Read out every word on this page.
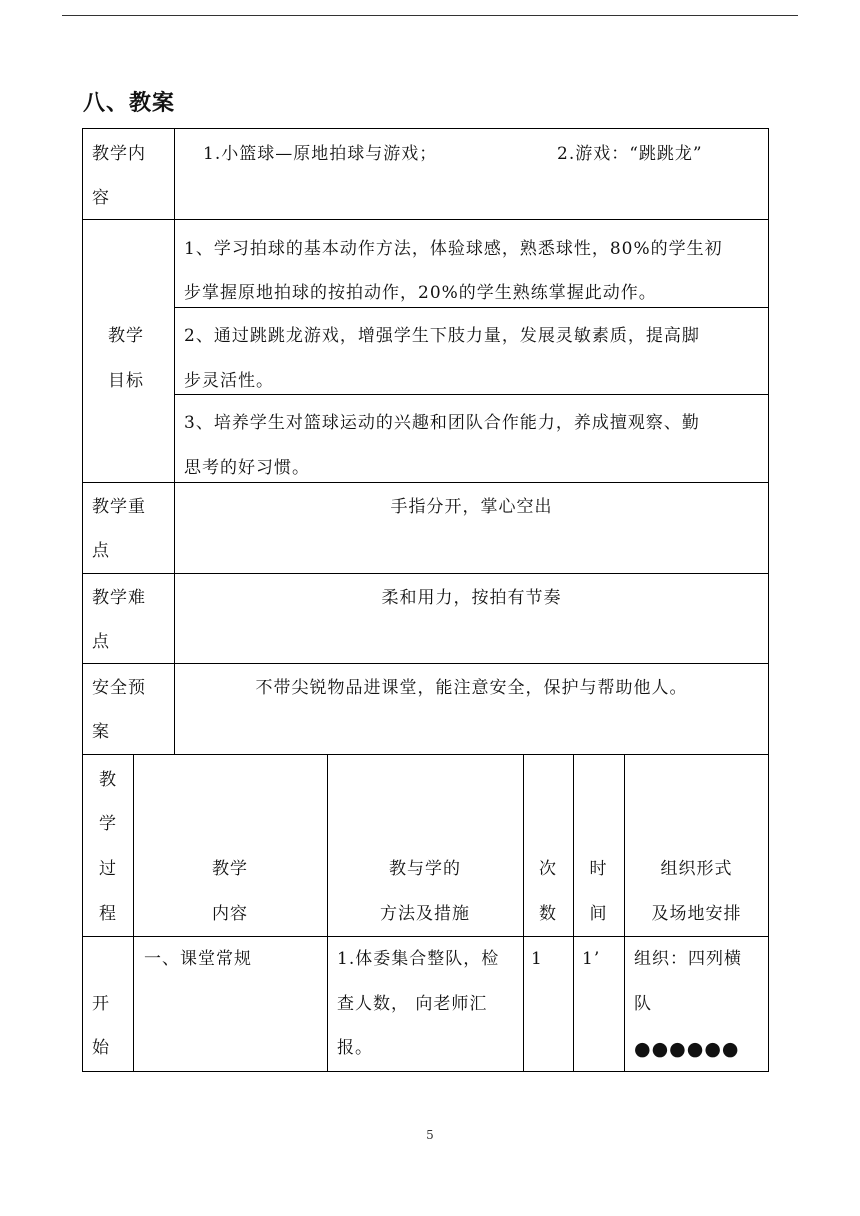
八、教案
教学内
容
1.小篮球—原地拍球与游戏；	2.游戏：“跳跳龙”
教学
目标
1、学习拍球的基本动作方法，体验球感，熟悉球性，80%的学生初
步掌握原地拍球的按拍动作，20%的学生熟练掌握此动作。
2、通过跳跳龙游戏，增强学生下肢力量，发展灵敏素质，提高脚
步灵活性。
3、培养学生对篮球运动的兴趣和团队合作能力，养成擅观察、勤
思考的好习惯。
教学重
点
手指分开，掌心空出
教学难
点
柔和用力，按拍有节奏
安全预
案
不带尖锐物品进课堂，能注意安全，保护与帮助他人。
教
学
过
程
教学
内容
教与学的
方法及措施
次
数
时
间
组织形式
及场地安排
开
始
一、课堂常规	1.体委集合整队，检
查人数， 向老师汇
报。
1 1’ 组织：四列横
队
●●●●●●
5
